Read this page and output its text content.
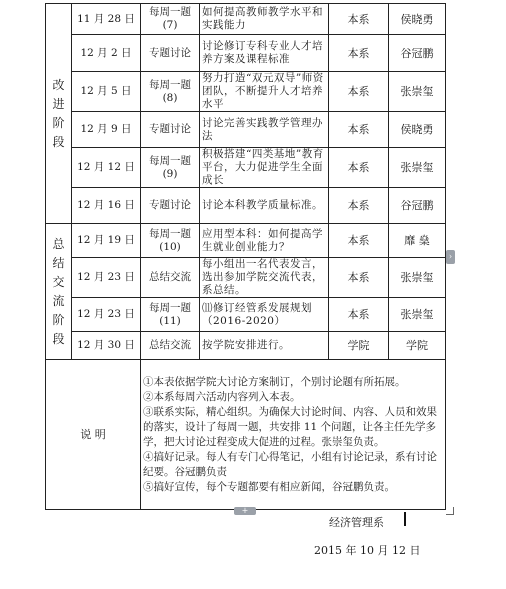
改进阶段	11 月 28 日	每周一题(7)	如何提高教师教学水平和实践能力	本系	侯晓勇
	12 月 2 日	专题讨论	讨论修订专科专业人才培养方案及课程标准	本系	谷冠鹏
	12 月 5 日	每周一题(8)	努力打造“双元双导”师资团队，不断提升人才培养水平	本系	张崇玺
	12 月 9 日	专题讨论	讨论完善实践教学管理办法	本系	侯晓勇
	12 月 12 日	每周一题(9)	积极搭建“四类基地”教育平台，大力促进学生全面成长	本系	张崇玺
	12 月 16 日	专题讨论	讨论本科教学质量标准。	本系	谷冠鹏
总结交流阶段	12 月 19 日	每周一题(10)	应用型本科：如何提高学生就业创业能力？	本系	靡 燊
	12 月 23 日	总结交流	每小组出一名代表发言，选出参加学院交流代表，系总结。	本系	张崇玺
	12 月 23 日	每周一题(11)	⑾修订经管系发展规划（2016-2020）	本系	张崇玺
	12 月 30 日	总结交流	按学院安排进行。	学院	学院
说 明		①本表依据学院大讨论方案制订，个别讨论题有所拓展。

②本系每周六活动内容列入本表。

③联系实际，精心组织。为确保大讨论时间、内容、人员和效果的落实，设计了每周一题，共安排 11 个问题，让各主任先学多学，把大讨论过程变成大促进的过程。张崇玺负责。

④搞好记录。每人有专门心得笔记，小组有讨论记录，系有讨论纪要。谷冠鹏负责

⑤搞好宣传，每个专题都要有相应新闻，谷冠鹏负责。			

›
+
经济管理系
2015 年 10 月 12 日
